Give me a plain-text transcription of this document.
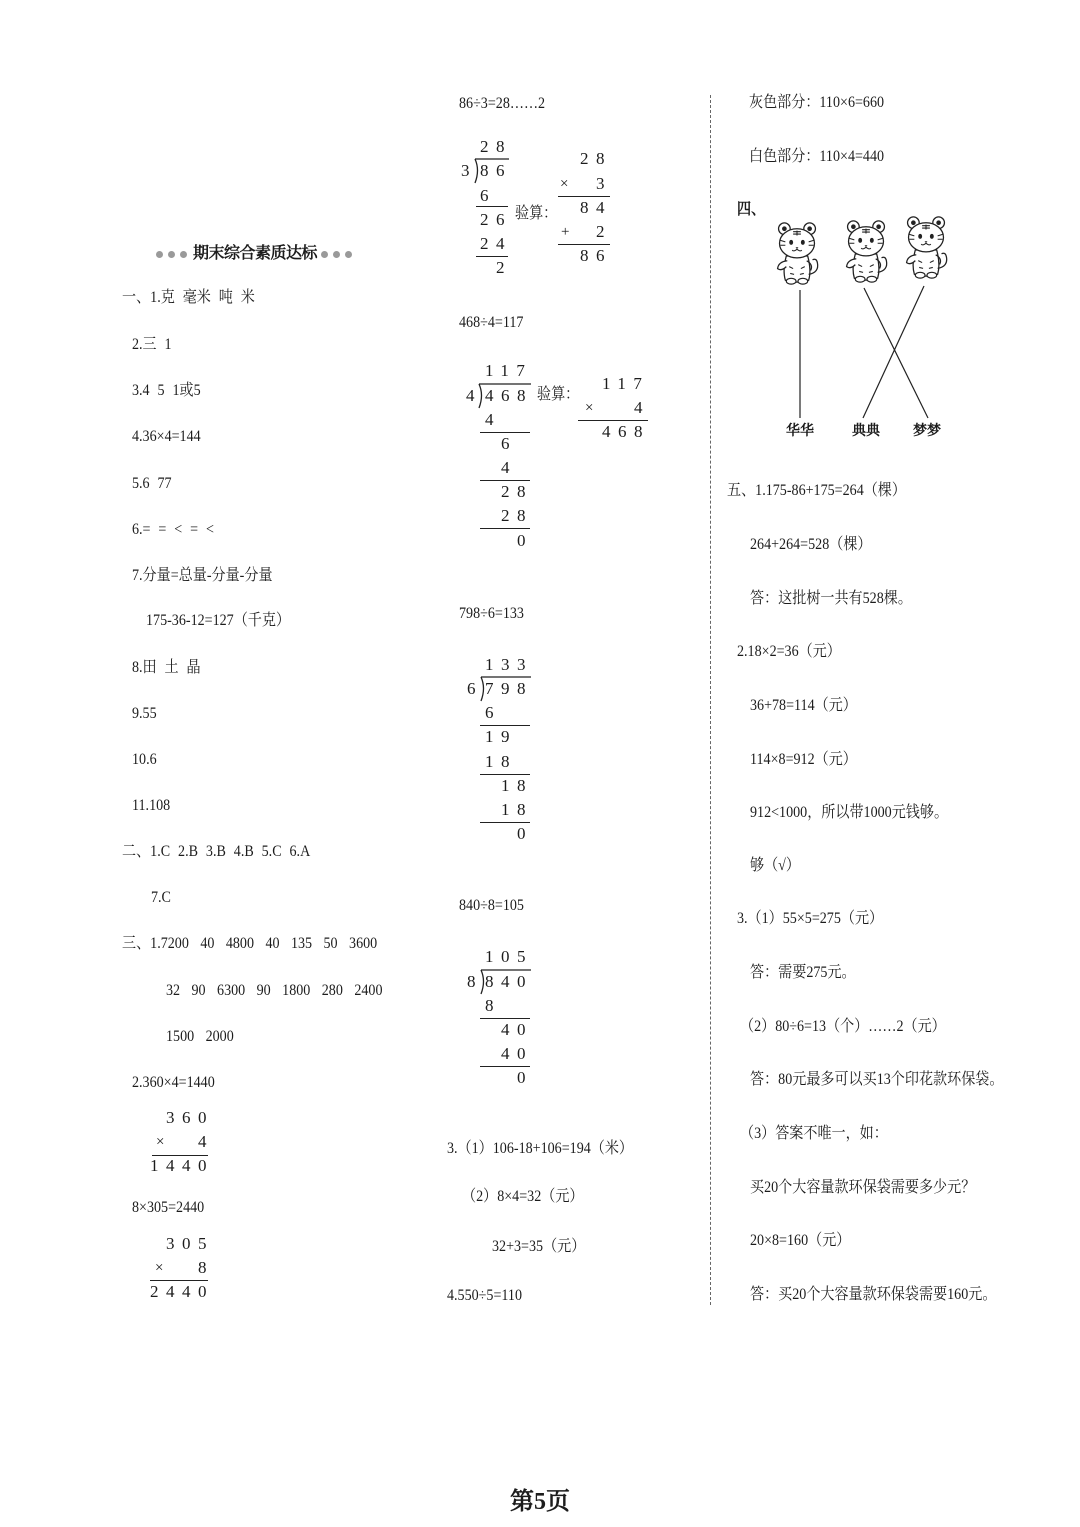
期末综合素质达标
一、1.克 毫米 吨 米
2.三 1
3.4 5 1或5
4.36×4=144
5.6 77
6.= = < = <
7.分量=总量-分量-分量
175-36-12=127（千克）
8.田 土 晶
9.55
10.6
11.108
二、1.C 2.B 3.B 4.B 5.C 6.A
7.C
三、1.7200 40 4800 40 135 50 3600
32 90 6300 90 1800 280 2400
1500 2000
2.360×4=1440
360
× 4
1440
8×305=2440
305
× 8
2440
86÷3=28……2
28
3 86
6
26
24
2
验算：
28
× 3
84
+ 2
86
468÷4=117
117
4 468
4
6
4
28
28
0
验算：
117
× 4
468
798÷6=133
133
6 798
6
19
18
18
18
0
840÷8=105
105
8 840
8
40
40
0
3.（1）106-18+106=194（米）
（2）8×4=32（元）
32+3=35（元）
4.550÷5=110
灰色部分：110×6=660
白色部分：110×4=440
四、
华华	典典 梦梦
五、1.175-86+175=264（棵）
264+264=528（棵）
答：这批树一共有528棵。
2.18×2=36（元）
36+78=114（元）
114×8=912（元）
912<1000，所以带1000元钱够。
够（√）
3.（1）55×5=275（元）
答：需要275元。
（2）80÷6=13（个）……2（元）
答：80元最多可以买13个印花款环保袋。
（3）答案不唯一，如：
买20个大容量款环保袋需要多少元？
20×8=160（元）
答：买20个大容量款环保袋需要160元。
第5页
